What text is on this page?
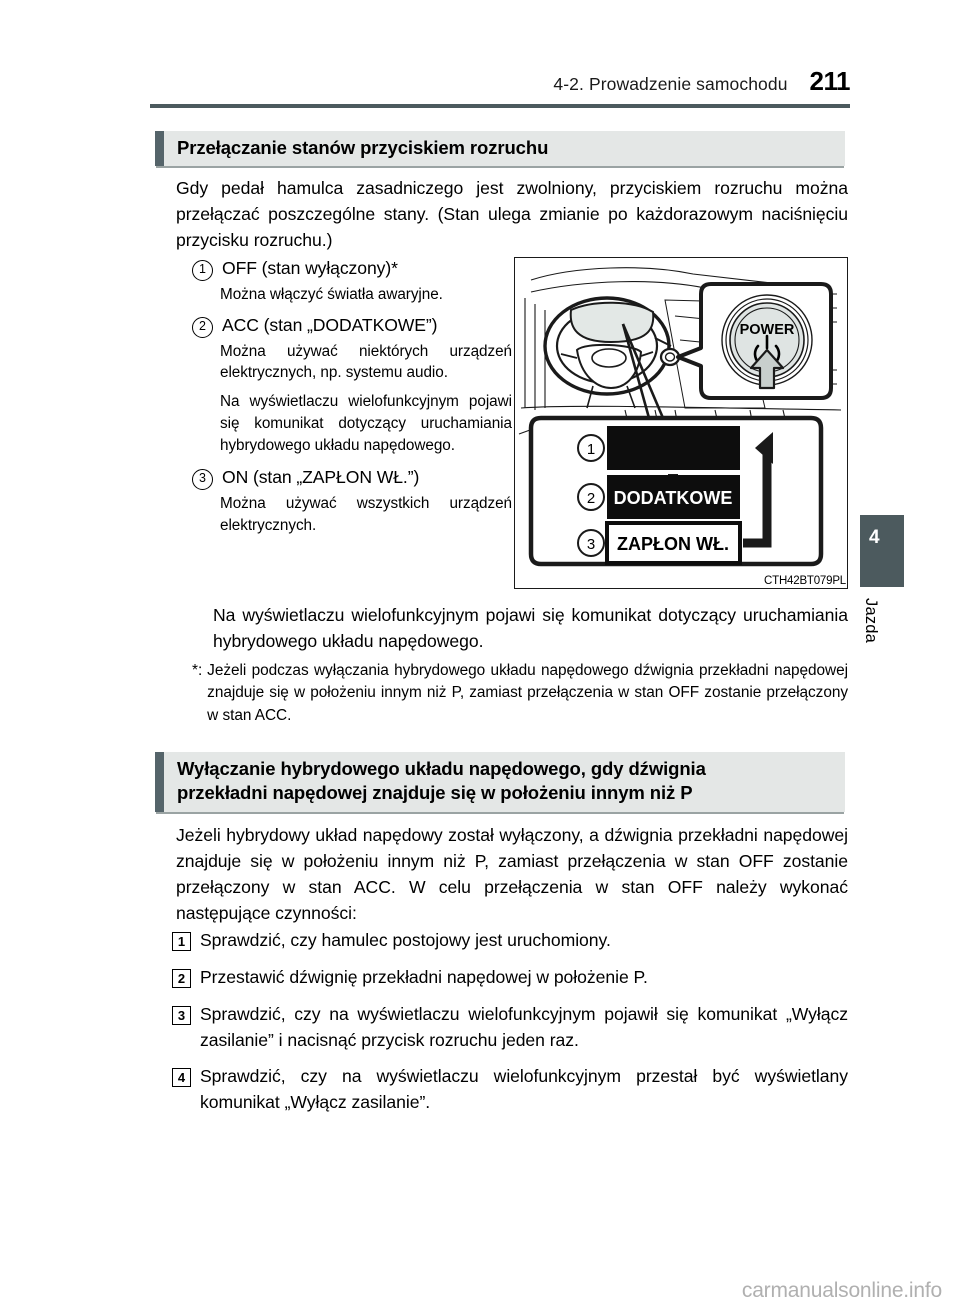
4-2. Prowadzenie samochodu 211
Przełączanie stanów przyciskiem rozruchu
Gdy pedał hamulca zasadniczego jest zwolniony, przyciskiem rozruchu można przełączać poszczególne stany. (Stan ulega zmianie po każdorazowym naciśnięciu przycisku rozruchu.)
1 OFF (stan wyłączony)*
Można włączyć światła awaryjne.
2 ACC (stan „DODATKOWE”)
Można używać niektórych urządzeń elektrycznych, np. systemu audio.
Na wyświetlaczu wielofunkcyjnym pojawi się komunikat dotyczący uruchamiania hybrydowego układu napędowego.
3 ON (stan „ZAPŁON WŁ.”)
Można używać wszystkich urządzeń elektrycznych.
Na wyświetlaczu wielofunkcyjnym pojawi się komunikat dotyczący uruchamiania hybrydowego układu napędowego.
*: Jeżeli podczas wyłączania hybrydowego układu napędowego dźwignia przekładni napędowej znajduje się w położeniu innym niż P, zamiast przełączenia w stan OFF zostanie przełączony w stan ACC.
POWER
1
2 DODATKOWE
3 ZAPŁON WŁ.
CTH42BT079PL
Wyłączanie hybrydowego układu napędowego, gdy dźwignia
przekładni napędowej znajduje się w położeniu innym niż P
Jeżeli hybrydowy układ napędowy został wyłączony, a dźwignia przekładni napędowej znajduje się w położeniu innym niż P, zamiast przełączenia w stan OFF zostanie przełączony w stan ACC. W celu przełączenia w stan OFF należy wykonać następujące czynności:
1 Sprawdzić, czy hamulec postojowy jest uruchomiony.
2 Przestawić dźwignię przekładni napędowej w położenie P.
3 Sprawdzić, czy na wyświetlaczu wielofunkcyjnym pojawił się komunikat „Wyłącz zasilanie” i nacisnąć przycisk rozruchu jeden raz.
4 Sprawdzić, czy na wyświetlaczu wielofunkcyjnym przestał być wyświetlany komunikat „Wyłącz zasilanie”.
4
Jazda
carmanualsonline.info
